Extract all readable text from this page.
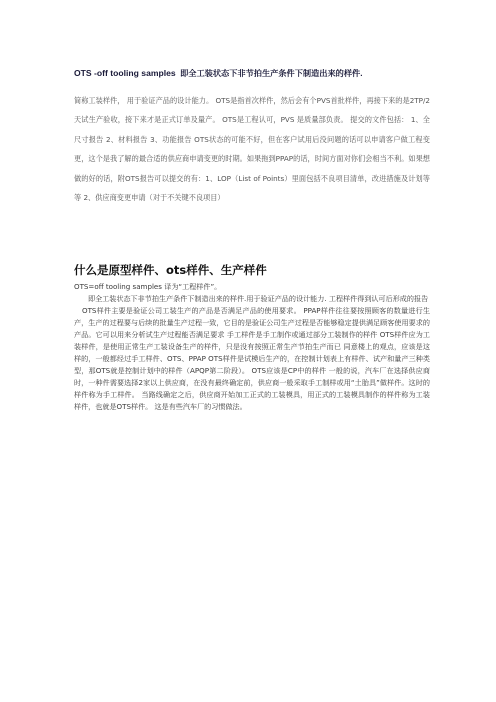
OTS -off tooling samples 即全工装状态下非节拍生产条件下制造出来的样件.
简称工装样件， 用于验证产品的设计能力。 OTS是指首次样件，然后会有个PVS首批样件，再接下来的是2TP/2天试生产验收，接下来才是正式订单及量产。 OTS是工程认可，PVS 是质量部负责。 提交的文件包括： 1、全尺寸报告 2、材料报告 3、功能报告 OTS状态的可能不好，但在客户试用后没问题的话可以申请客户做工程变更，这个是我了解的最合适的供应商申请变更的时期。如果拖到PPAP的话，时间方面对你们会相当不利。如果想做的好的话，附OTS报告可以提交的有：1、LOP（List of Points）里面包括不良项目清单，改进措施及计划等等 2、供应商变更申请（对于不关键不良项目）
什么是原型样件、ots样件、生产样件
OTS=off tooling samples 译为“工程样件”。
即全工装状态下非节拍生产条件下制造出来的样件.用于验证产品的设计能力. 工程样件得到认可后形成的报告
OTS样件主要是验证公司工装生产的产品是否满足产品的使用要求。 PPAP样件往往要按照顾客的数量进行生产，生产的过程要与后续的批量生产过程一致，它目的是验证公司生产过程是否能够稳定提供满足顾客使用要求的产品。它可以用来分析试生产过程能否满足要求 手工样件是手工制作或通过部分工装制作的样件 OTS样件应为工装样件，是使用正常生产工装设备生产的样件，只是没有按照正常生产节拍生产而已 同意楼上的观点，应该是这样的，一般都经过手工样件、OTS、PPAP OTS样件是试模后生产的，在控制计划表上有样件、试产和量产三种类型，那OTS就是控制计划中的样件（APQP第二阶段）。 OTS应该是CP中的样件 一般的说，汽车厂在选择供应商时，一种件需要选择2家以上供应商，在没有最终确定前，供应商一般采取手工制样或用“土胎具”做样件。这时的样件称为手工样件。 当路线确定之后，供应商开始加工正式的工装模具，用正式的工装模具制作的样件称为工装样件，也就是OTS样件。 这是有些汽车厂的习惯做法。
